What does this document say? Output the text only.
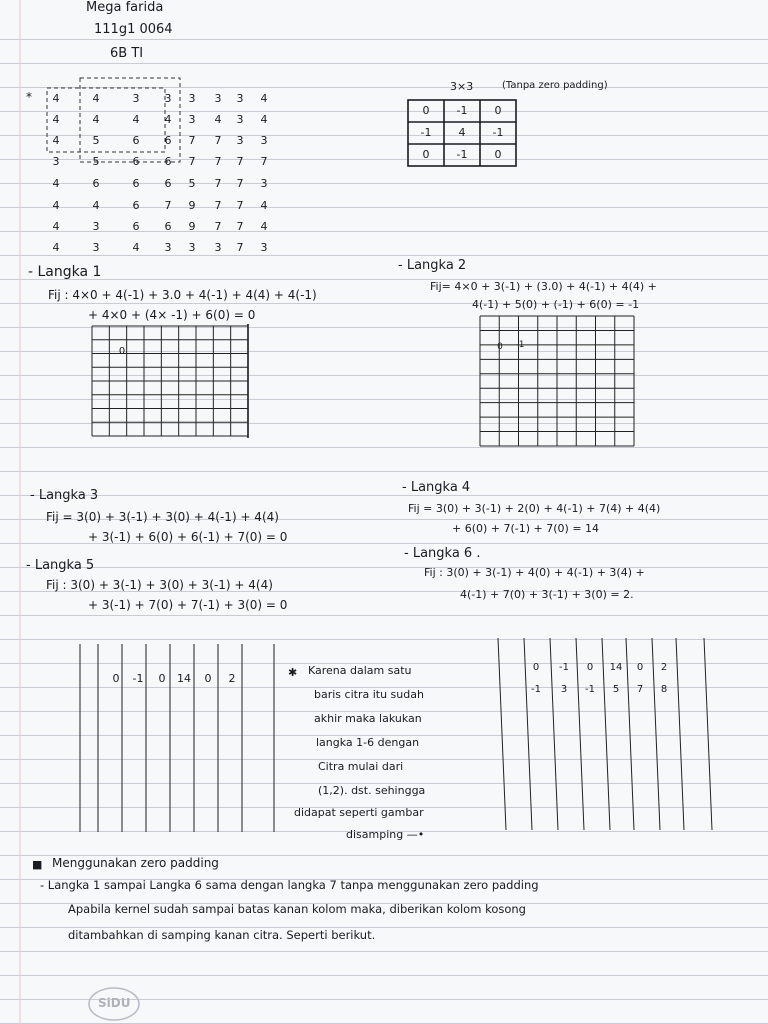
Mega farida
111g1 0064
6B TI
*	4	4	3	3	3	3	3	4
4	4	4	4	3	4	3	4
4	5	6	6	7	7	3	3
3	5	6	6	7	7	7	7
4	6	6	6	5	7	7	3
4	4	6	7	9	7	7	4
4	3	6	6	9	7	7	4
4	3	4	3	3	3	7	3
3×3	(Tanpa zero padding)
0	-1	0
-1	4	-1
0	-1	0
- Langka 1
Fij : 4×0 + 4(-1) + 3.0 + 4(-1) + 4(4) + 4(-1)
+ 4×0 + (4× -1) + 6(0) = 0
0
- Langka 2
Fij= 4×0 + 3(-1) + (3.0) + 4(-1) + 4(4) +
4(-1) + 5(0) + (-1) + 6(0) = -1
0	-1
- Langka 3
Fij = 3(0) + 3(-1) + 3(0) + 4(-1) + 4(4)
+ 3(-1) + 6(0) + 6(-1) + 7(0) = 0
- Langka 4
Fij = 3(0) + 3(-1) + 2(0) + 4(-1) + 7(4) + 4(4)
+ 6(0) + 7(-1) + 7(0) = 14
- Langka 5
Fij : 3(0) + 3(-1) + 3(0) + 3(-1) + 4(4)
+ 3(-1) + 7(0) + 7(-1) + 3(0) = 0
- Langka 6 .
Fij : 3(0) + 3(-1) + 4(0) + 4(-1) + 3(4) +
4(-1) + 7(0) + 3(-1) + 3(0) = 2.
0	-1	0	14	0	2	✱ Karena dalam satu
baris citra itu sudah
akhir maka lakukan
langka 1-6 dengan
Citra mulai dari
(1,2). dst. sehingga
didapat seperti gambar
disamping —•
0	-1	0	14	0	2
-1	3	-1	5	7	8
■ Menggunakan zero padding
- Langka 1 sampai Langka 6 sama dengan langka 7 tanpa menggunakan zero padding
Apabila kernel sudah sampai batas kanan kolom maka, diberikan kolom kosong
ditambahkan di samping kanan citra. Seperti berikut.
SiDU
